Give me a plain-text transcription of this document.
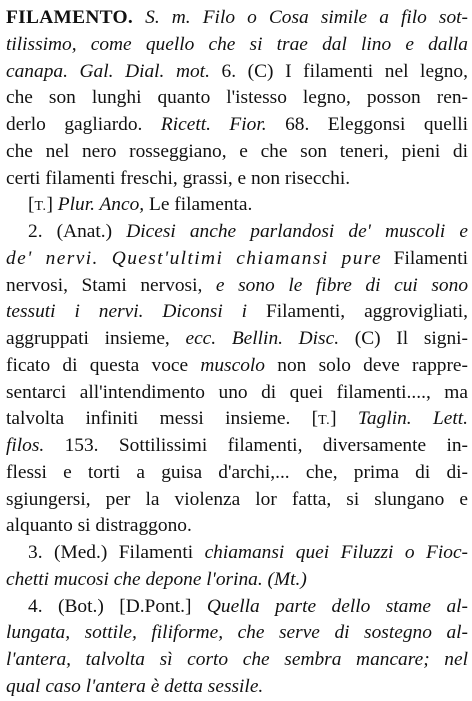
FILAMENTO. S. m. Filo o Cosa simile a filo sot-
tilissimo, come quello che si trae dal lino e dalla
canapa. Gal. Dial. mot. 6. (C) I filamenti nel legno,
che son lunghi quanto l'istesso legno, posson ren-
derlo gagliardo. Ricett. Fior. 68. Eleggonsi quelli
che nel nero rosseggiano, e che son teneri, pieni di
certi filamenti freschi, grassi, e non risecchi.
[T.] Plur. Anco, Le filamenta.
2. (Anat.) Dicesi anche parlandosi de' muscoli e
de' nervi. Quest'ultimi chiamansi pure Filamenti
nervosi, Stami nervosi, e sono le fibre di cui sono
tessuti i nervi. Diconsi i Filamenti, aggrovigliati,
aggruppati insieme, ecc. Bellin. Disc. (C) Il signi-
ficato di questa voce muscolo non solo deve rappre-
sentarci all'intendimento uno di quei filamenti...., ma
talvolta infiniti messi insieme. [T.] Taglin. Lett.
filos. 153. Sottilissimi filamenti, diversamente in-
flessi e torti a guisa d'archi,... che, prima di di-
sgiungersi, per la violenza lor fatta, si slungano e
alquanto si distraggono.
3. (Med.) Filamenti chiamansi quei Filuzzi o Fioc-
chetti mucosi che depone l'orina. (Mt.)
4. (Bot.) [D.Pont.] Quella parte dello stame al-
lungata, sottile, filiforme, che serve di sostegno al-
l'antera, talvolta sì corto che sembra mancare; nel
qual caso l'antera è detta sessile.
